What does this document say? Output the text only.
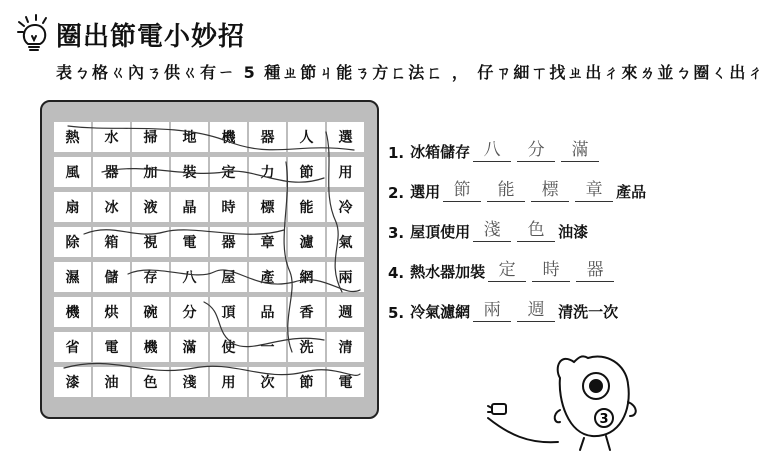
圈出節電小妙招
表ㄅ格ㄍ內ㄋ供ㄍ有ㄧ 5 種ㄓ節ㄐ能ㄋ方ㄈ法ㄈ ， 仔ㄗ細ㄒ找ㄓ出ㄔ來ㄌ並ㄅ圈ㄑ出ㄔ
熱	水	掃	地	機	器	人	選
風	器	加	裝	定	力	節	用
扇	冰	液	晶	時	標	能	冷
除	箱	視	電	器	章	濾	氣
濕	儲	存	八	屋	產	網	兩
機	烘	碗	分	頂	品	香	週
省	電	機	滿	使	一	洗	清
漆	油	色	淺	用	次	節	電
1. 冰箱儲存 八	分	滿
2. 選用 節	能	標	章 產品
3. 屋頂使用 淺	色 油漆
4. 熱水器加裝 定	時	器
5. 冷氣濾網 兩	週 清洗一次
3
